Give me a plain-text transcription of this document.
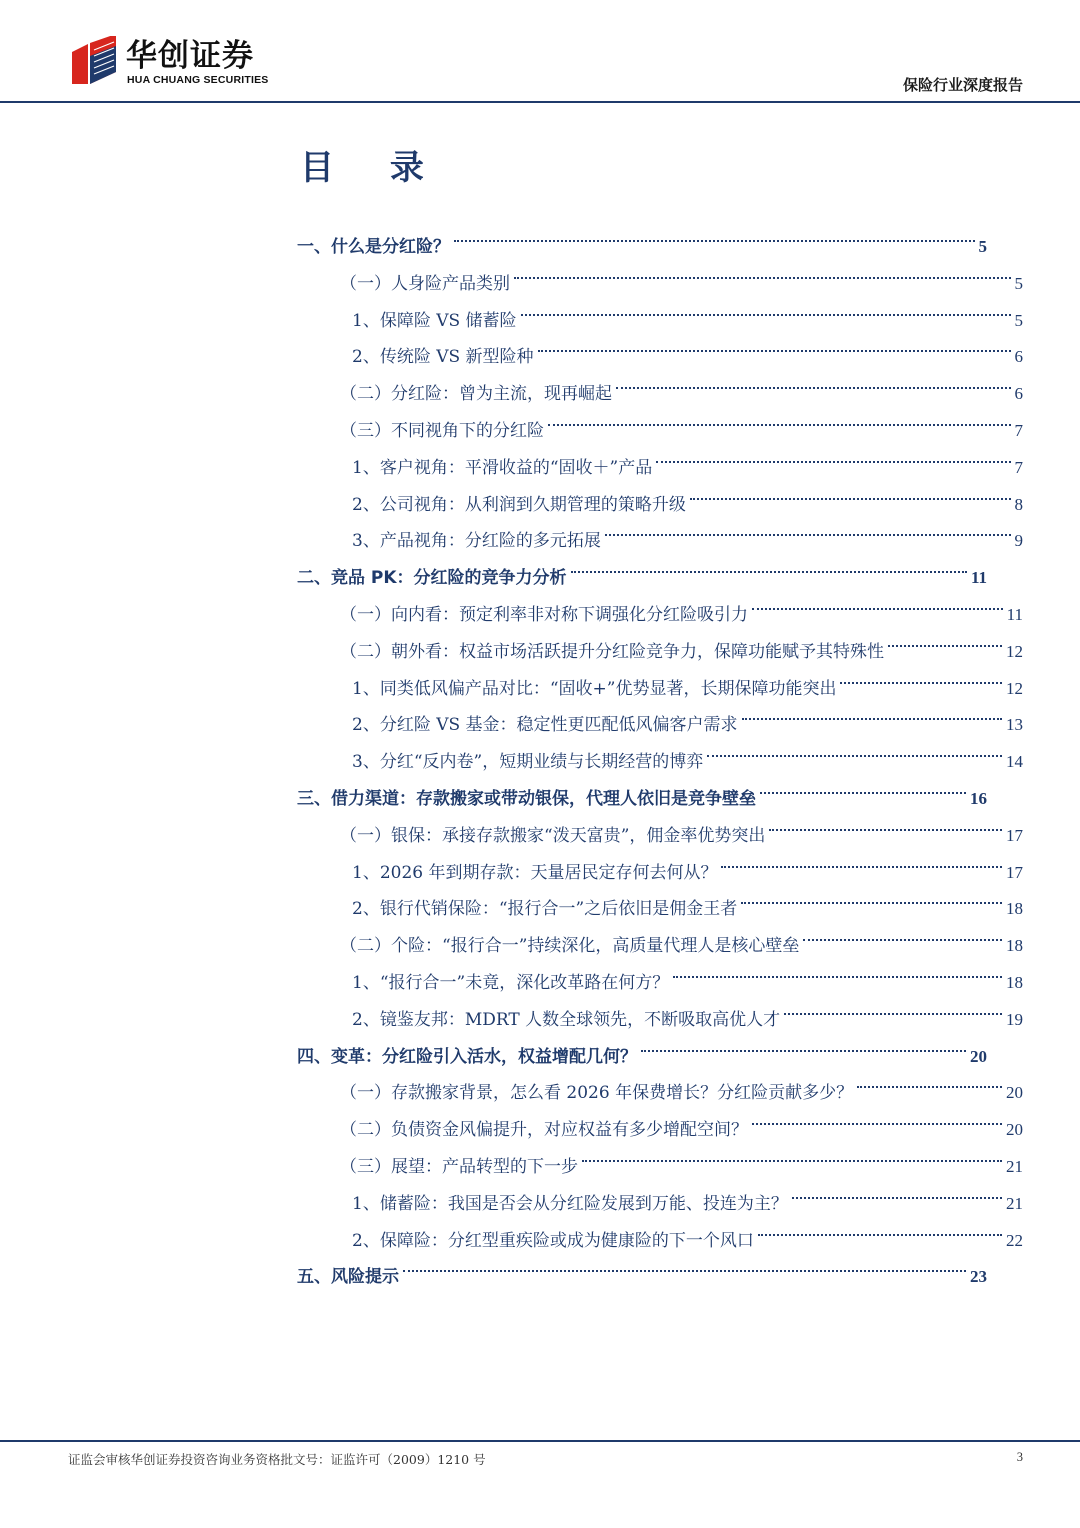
华创证券
HUA CHUANG SECURITIES	保险行业深度报告
目 录
一、什么是分红险？	5
（一）人身险产品类别	5
1、保障险 VS 储蓄险	5
2、传统险 VS 新型险种	6
（二）分红险：曾为主流，现再崛起	6
（三）不同视角下的分红险	7
1、客户视角：平滑收益的“固收＋”产品	7
2、公司视角：从利润到久期管理的策略升级	8
3、产品视角：分红险的多元拓展	9
二、竞品 PK：分红险的竞争力分析	11
（一）向内看：预定利率非对称下调强化分红险吸引力	11
（二）朝外看：权益市场活跃提升分红险竞争力，保障功能赋予其特殊性	12
1、同类低风偏产品对比：“固收+”优势显著，长期保障功能突出	12
2、分红险 VS 基金：稳定性更匹配低风偏客户需求	13
3、分红“反内卷”，短期业绩与长期经营的博弈	14
三、借力渠道：存款搬家或带动银保，代理人依旧是竞争壁垒	16
（一）银保：承接存款搬家“泼天富贵”，佣金率优势突出	17
1、2026 年到期存款：天量居民定存何去何从？	17
2、银行代销保险：“报行合一”之后依旧是佣金王者	18
（二）个险：“报行合一”持续深化，高质量代理人是核心壁垒	18
1、“报行合一”未竟，深化改革路在何方？	18
2、镜鉴友邦：MDRT 人数全球领先，不断吸取高优人才	19
四、变革：分红险引入活水，权益增配几何？	20
（一）存款搬家背景，怎么看 2026 年保费增长？分红险贡献多少？	20
（二）负债资金风偏提升，对应权益有多少增配空间？	20
（三）展望：产品转型的下一步	21
1、储蓄险：我国是否会从分红险发展到万能、投连为主？	21
2、保障险：分红型重疾险或成为健康险的下一个风口	22
五、风险提示	23
证监会审核华创证券投资咨询业务资格批文号：证监许可（2009）1210 号	3
